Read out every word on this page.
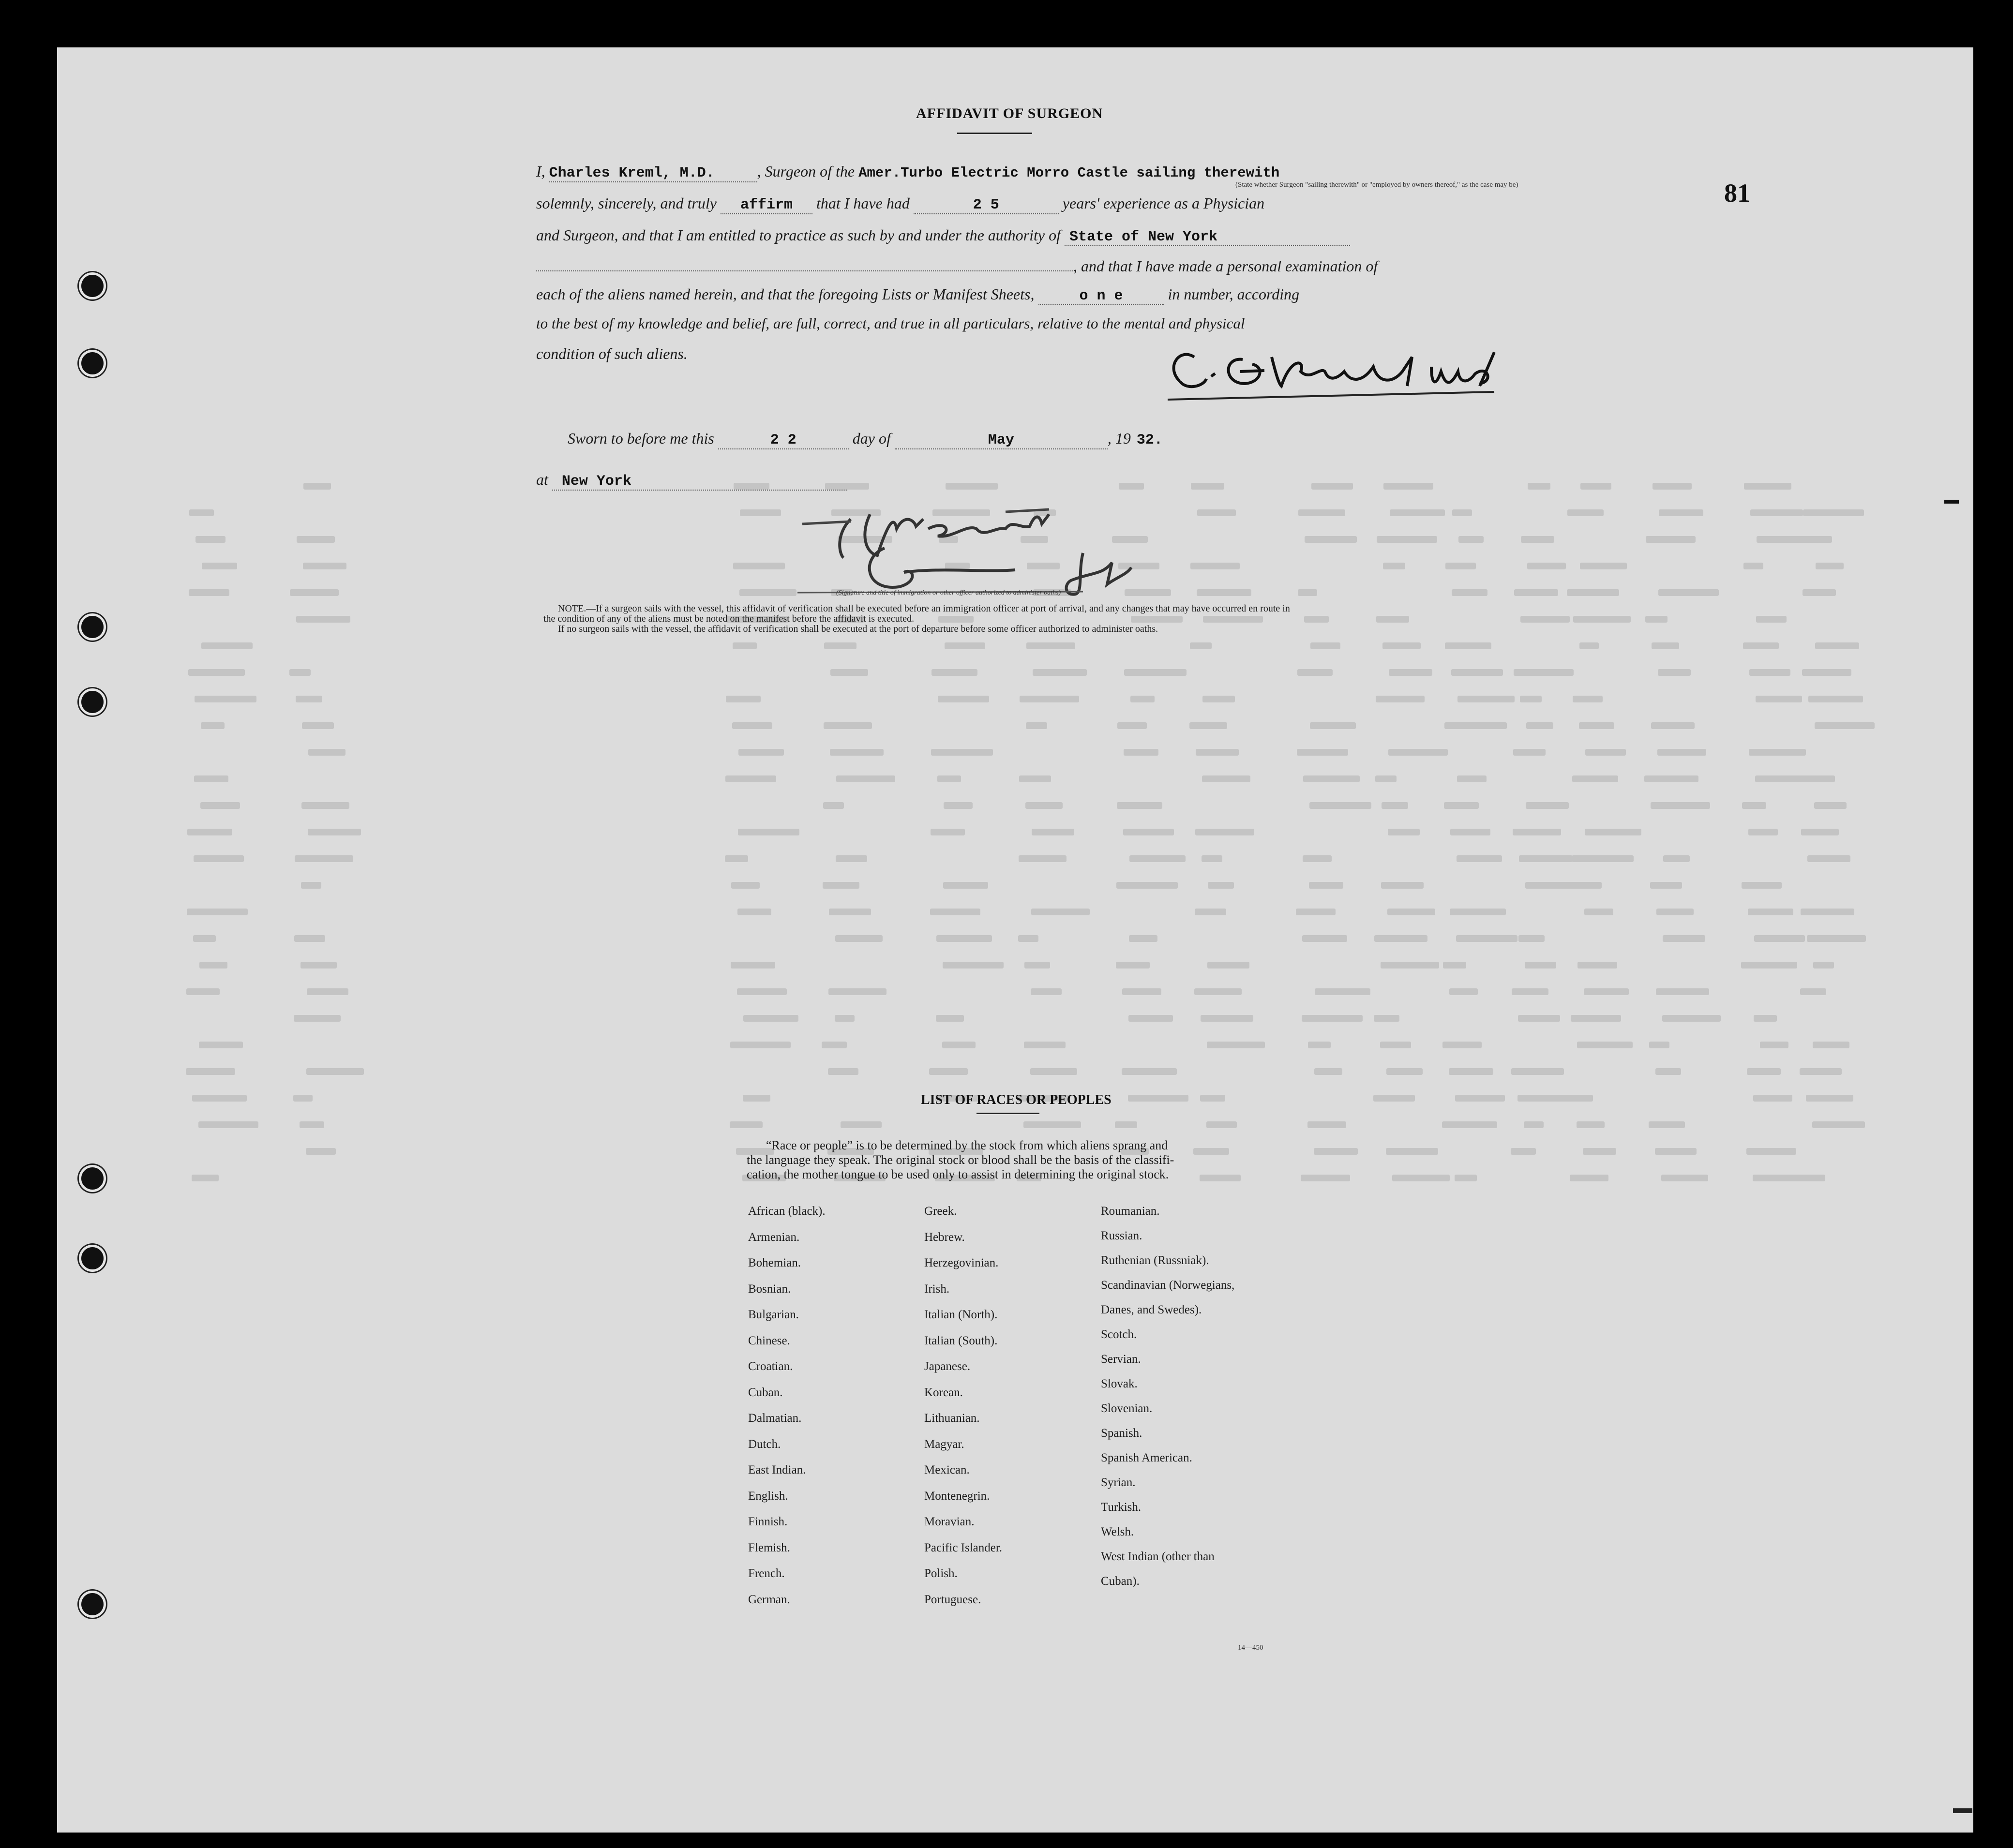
81
AFFIDAVIT OF SURGEON
I, Charles Kreml, M.D.	, Surgeon of the Amer.Turbo Electric Morro Castle sailing therewith
(State whether Surgeon "sailing therewith" or "employed by owners thereof," as the case may be)
solemnly, sincerely, and truly affirm that I have had	2 5	years' experience as a Physician
and Surgeon, and that I am entitled to practice as such by and under the authority of State of New York
, and that I have made a personal examination of
each of the aliens named herein, and that the foregoing Lists or Manifest Sheets,	o n e	in number, according
to the best of my knowledge and belief, are full, correct, and true in all particulars, relative to the mental and physical
condition of such aliens.
Sworn to before me this	2 2	day of	May	, 19 32.
at New York
(Signature and title of immigration or other officer authorized to administer oaths)
NOTE.—If a surgeon sails with the vessel, this affidavit of verification shall be executed before an immigration officer at port of arrival, and any changes that may have occurred en route in
the condition of any of the aliens must be noted on the manifest before the affidavit is executed.
If no surgeon sails with the vessel, the affidavit of verification shall be executed at the port of departure before some officer authorized to administer oaths.
LIST OF RACES OR PEOPLES
“Race or people” is to be determined by the stock from which aliens sprang and
the language they speak. The original stock or blood shall be the basis of the classifi-
cation, the mother tongue to be used only to assist in determining the original stock.
African (black).
Armenian.
Bohemian.
Bosnian.
Bulgarian.
Chinese.
Croatian.
Cuban.
Dalmatian.
Dutch.
East Indian.
English.
Finnish.
Flemish.
French.
German.
Greek.
Hebrew.
Herzegovinian.
Irish.
Italian (North).
Italian (South).
Japanese.
Korean.
Lithuanian.
Magyar.
Mexican.
Montenegrin.
Moravian.
Pacific Islander.
Polish.
Portuguese.
Roumanian.
Russian.
Ruthenian (Russniak).
Scandinavian (Norwegians,
Danes, and Swedes).
Scotch.
Servian.
Slovak.
Slovenian.
Spanish.
Spanish American.
Syrian.
Turkish.
Welsh.
West Indian (other than
Cuban).
14—450
